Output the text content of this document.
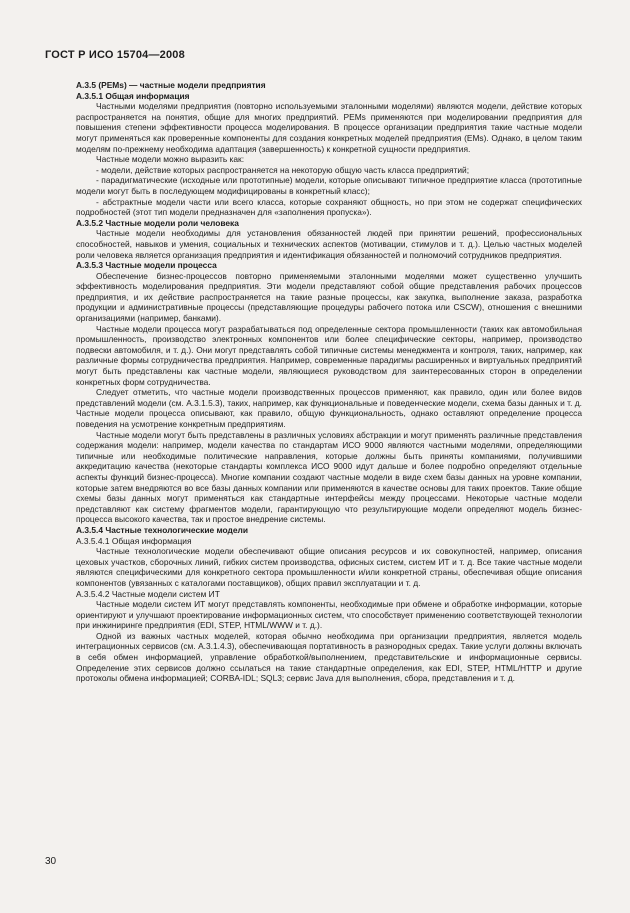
ГОСТ Р ИСО 15704—2008

А.3.5 (PEMs) — частные модели предприятия

А.3.5.1 Общая информация

Частными моделями предприятия (повторно используемыми эталонными моделями) являются модели, действие которых распространяется на понятия, общие для многих предприятий. PEMs применяются при моделировании предприятия для повышения степени эффективности процесса моделирования. В процессе организации предприятия такие частные модели могут применяться как проверенные компоненты для создания конкретных моделей предприятия (EMs). Однако, в целом таким моделям по-прежнему необходима адаптация (завершенность) к конкретной сущности предприятия.

Частные модели можно выразить как:

- модели, действие которых распространяется на некоторую общую часть класса предприятий;

- парадигматические (исходные или прототипные) модели, которые описывают типичное предприятие класса (прототипные модели могут быть в последующем модифицированы в конкретный класс);

- абстрактные модели части или всего класса, которые сохраняют общность, но при этом не содержат специфических подробностей (этот тип модели предназначен для «заполнения пропуска»).

А.3.5.2 Частные модели роли человека

Частные модели необходимы для установления обязанностей людей при принятии решений, профессиональных способностей, навыков и умения, социальных и технических аспектов (мотивации, стимулов и т. д.). Целью частных моделей роли человека является организация предприятия и идентификация обязанностей и полномочий сотрудников предприятия.

А.3.5.3 Частные модели процесса

Обеспечение бизнес-процессов повторно применяемыми эталонными моделями может существенно улучшить эффективность моделирования предприятия. Эти модели представляют собой общие представления рабочих процессов предприятия, и их действие распространяется на такие разные процессы, как закупка, выполнение заказа, разработка продукции и административные процессы (представляющие процедуры рабочего потока или CSCW), отношения с внешними организациями (например, банками).

Частные модели процесса могут разрабатываться под определенные сектора промышленности (таких как автомобильная промышленность, производство электронных компонентов или более специфические секторы, например, производство подвески автомобиля, и т. д.). Они могут представлять собой типичные системы менеджмента и контроля, таких, например, как различные формы сотрудничества предприятия. Например, современные парадигмы расширенных и виртуальных предприятий могут быть представлены как частные модели, являющиеся руководством для заинтересованных сторон в определении конкретных форм сотрудничества.

Следует отметить, что частные модели производственных процессов применяют, как правило, один или более видов представлений модели (см. А.3.1.5.3), таких, например, как функциональные и поведенческие модели, схема базы данных и т. д. Частные модели процесса описывают, как правило, общую функциональность, однако оставляют определение процесса поведения на усмотрение конкретным предприятиям.

Частные модели могут быть представлены в различных условиях абстракции и могут применять различные представления содержания модели: например, модели качества по стандартам ИСО 9000 являются частными моделями, определяющими типичные или необходимые политические направления, которые должны быть приняты компаниями, получившими аккредитацию качества (некоторые стандарты комплекса ИСО 9000 идут дальше и более подробно определяют отдельные аспекты функций бизнес-процесса). Многие компании создают частные модели в виде схем базы данных на уровне компании, которые затем внедряются во все базы данных компании или применяются в качестве основы для таких проектов. Такие общие схемы базы данных могут применяться как стандартные интерфейсы между процессами. Некоторые частные модели представляют как систему фрагментов модели, гарантирующую что результирующие модели определяют модель бизнес-процесса высокого качества, так и простое внедрение системы.

А.3.5.4 Частные технологические модели

А.3.5.4.1 Общая информация

Частные технологические модели обеспечивают общие описания ресурсов и их совокупностей, например, описания цеховых участков, сборочных линий, гибких систем производства, офисных систем, систем ИТ и т. д. Все такие частные модели являются специфическими для конкретного сектора промышленности и/или конкретной страны, обеспечивая общие описания компонентов (увязанных с каталогами поставщиков), общих правил эксплуатации и т. д.

А.3.5.4.2 Частные модели систем ИТ

Частные модели систем ИТ могут представлять компоненты, необходимые при обмене и обработке информации, которые ориентируют и улучшают проектирование информационных систем, что способствует применению соответствующей технологии при инжиниринге предприятия (EDI, STEP, HTML/WWW и т. д.).

Одной из важных частных моделей, которая обычно необходима при организации предприятия, является модель интеграционных сервисов (см. А.3.1.4.3), обеспечивающая портативность в разнородных средах. Такие услуги должны включать в себя обмен информацией, управление обработкой/выполнением, представительские и информационные сервисы. Определение этих сервисов должно ссылаться на такие стандартные определения, как EDI, STEP, HTML/HTTP и другие протоколы обмена информацией; CORBA-IDL; SQL3; сервис Java для выполнения, сбора, представления и т. д.

30
